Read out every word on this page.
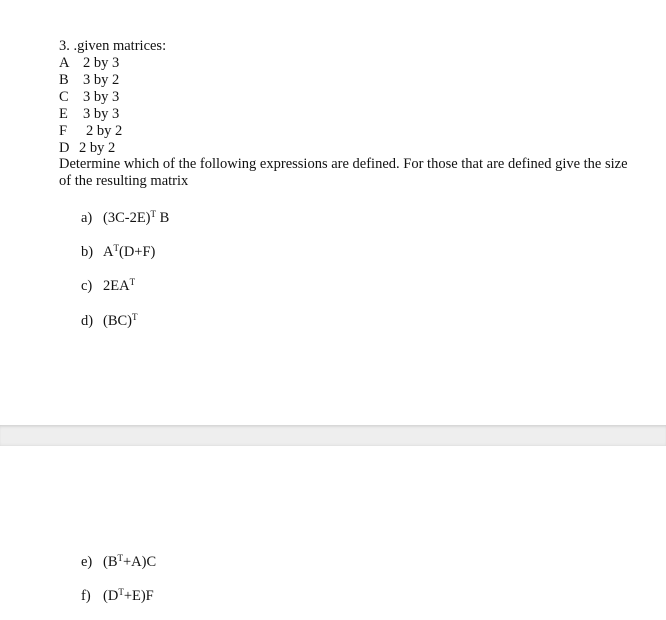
3. .given matrices:
A 2 by 3
B 3 by 2
C 3 by 3
E 3 by 3
F 2 by 2
D 2 by 2
Determine which of the following expressions are defined. For those that are defined give the size of the resulting matrix
a) $(3C-2E)^T$ B
b) $A^T(D+F)$
c) $2EA^T$
d) (BC)$^T$
e) $(B^T+A)C$
f) $(D^T+E)F$
